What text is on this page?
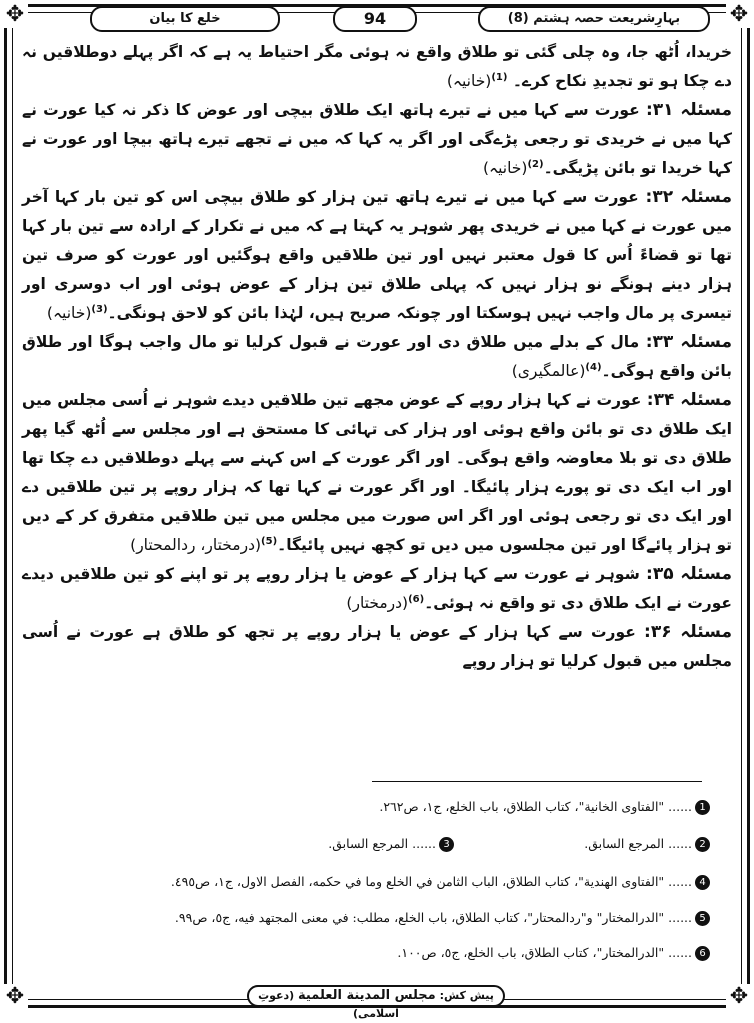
✥	✥
✥	✥
بہارِشریعت حصہ ہشتم (8)
94
خلع کا بیان

خریدا، اُٹھ جا، وہ چلی گئی تو طلاق واقع نہ ہوئی مگر احتیاط یہ ہے کہ اگر پہلے دوطلاقیں نہ دے چکا ہو تو تجدیدِ نکاح کرے۔ $^{(1)}$(خانیہ)

مسئلہ ۳۱: عورت سے کہا میں نے تیرے ہاتھ ایک طلاق بیچی اور عوض کا ذکر نہ کیا عورت نے کہا میں نے خریدی تو رجعی پڑےگی اور اگر یہ کہا کہ میں نے تجھے تیرے ہاتھ بیچا اور عورت نے کہا خریدا تو بائن پڑیگی۔$^{(2)}$(خانیہ)

مسئلہ ۳۲: عورت سے کہا میں نے تیرے ہاتھ تین ہزار کو طلاق بیچی اس کو تین بار کہا آخر میں عورت نے کہا میں نے خریدی پھر شوہر یہ کہتا ہے کہ میں نے تکرار کے ارادہ سے تین بار کہا تھا تو قضاءً اُس کا قول معتبر نہیں اور تین طلاقیں واقع ہوگئیں اور عورت کو صرف تین ہزار دینے ہونگے نو ہزار نہیں کہ پہلی طلاق تین ہزار کے عوض ہوئی اور اب دوسری اور تیسری پر مال واجب نہیں ہوسکتا اور چونکہ صریح ہیں، لہٰذا بائن کو لاحق ہونگی۔$^{(3)}$(خانیہ)

مسئلہ ۳۳: مال کے بدلے میں طلاق دی اور عورت نے قبول کرلیا تو مال واجب ہوگا اور طلاق بائن واقع ہوگی۔$^{(4)}$(عالمگیری)

مسئلہ ۳۴: عورت نے کہا ہزار روپے کے عوض مجھے تین طلاقیں دیدے شوہر نے اُسی مجلس میں ایک طلاق دی تو بائن واقع ہوئی اور ہزار کی تہائی کا مستحق ہے اور مجلس سے اُٹھ گیا پھر طلاق دی تو بلا معاوضہ واقع ہوگی۔ اور اگر عورت کے اس کہنے سے پہلے دوطلاقیں دے چکا تھا اور اب ایک دی تو پورے ہزار پائیگا۔ اور اگر عورت نے کہا تھا کہ ہزار روپے پر تین طلاقیں دے اور ایک دی تو رجعی ہوئی اور اگر اس صورت میں مجلس میں تین طلاقیں متفرق کر کے دیں تو ہزار پائےگا اور تین مجلسوں میں دیں تو کچھ نہیں پائیگا۔$^{(5)}$(درمختار، ردالمحتار)

مسئلہ ۳۵: شوہر نے عورت سے کہا ہزار کے عوض یا ہزار روپے پر تو اپنے کو تین طلاقیں دیدے عورت نے ایک طلاق دی تو واقع نہ ہوئی۔$^{(6)}$(درمختار)

مسئلہ ۳۶: عورت سے کہا ہزار کے عوض یا ہزار روپے پر تجھ کو طلاق ہے عورت نے اُسی مجلس میں قبول کرلیا تو ہزار روپے

1...... "الفتاوى الخانية"، كتاب الطلاق، باب الخلع، ج١، ص٢٦٢.
2...... المرجع السابق.
3...... المرجع السابق.
4...... "الفتاوى الهندية"، كتاب الطلاق، الباب الثامن في الخلع وما في حكمه، الفصل الاول، ج١، ص٤٩٥.
5...... "الدرالمختار" و"ردالمحتار"، كتاب الطلاق، باب الخلع، مطلب: في معنى المجتهد فيه، ج٥، ص٩٩.
6...... "الدرالمختار"، كتاب الطلاق، باب الخلع، ج٥، ص١٠٠.
پیش کش: مجلس المدينة العلمية (دعوتِ اسلامی)
